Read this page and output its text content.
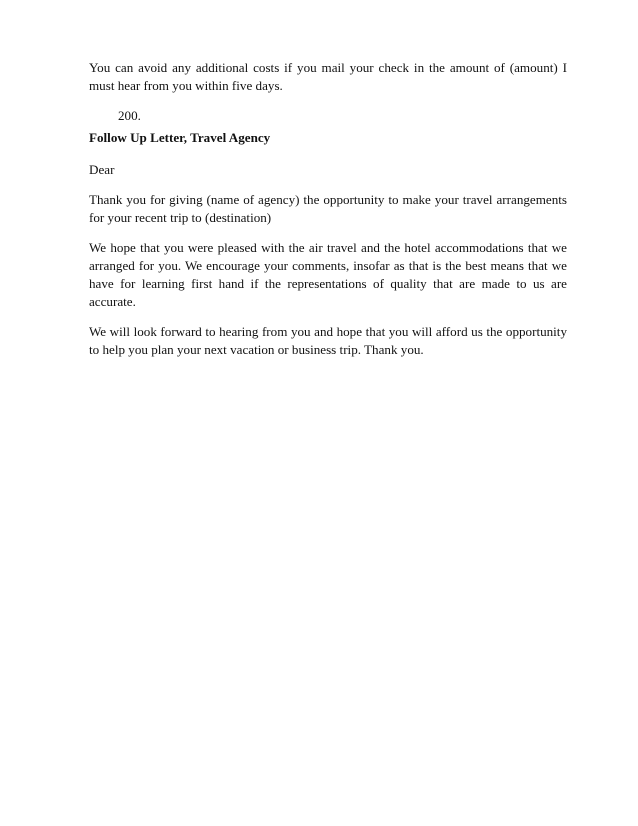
You can avoid any additional costs if you mail your check in the amount of (amount) I must hear from you within five days.

200.

Follow Up Letter, Travel Agency

Dear

Thank you for giving (name of agency) the opportunity to make your travel arrangements for your recent trip to (destination)

We hope that you were pleased with the air travel and the hotel accommodations that we arranged for you. We encourage your comments, insofar as that is the best means that we have for learning first hand if the representations of quality that are made to us are accurate.

We will look forward to hearing from you and hope that you will afford us the opportunity to help you plan your next vacation or business trip. Thank you.
